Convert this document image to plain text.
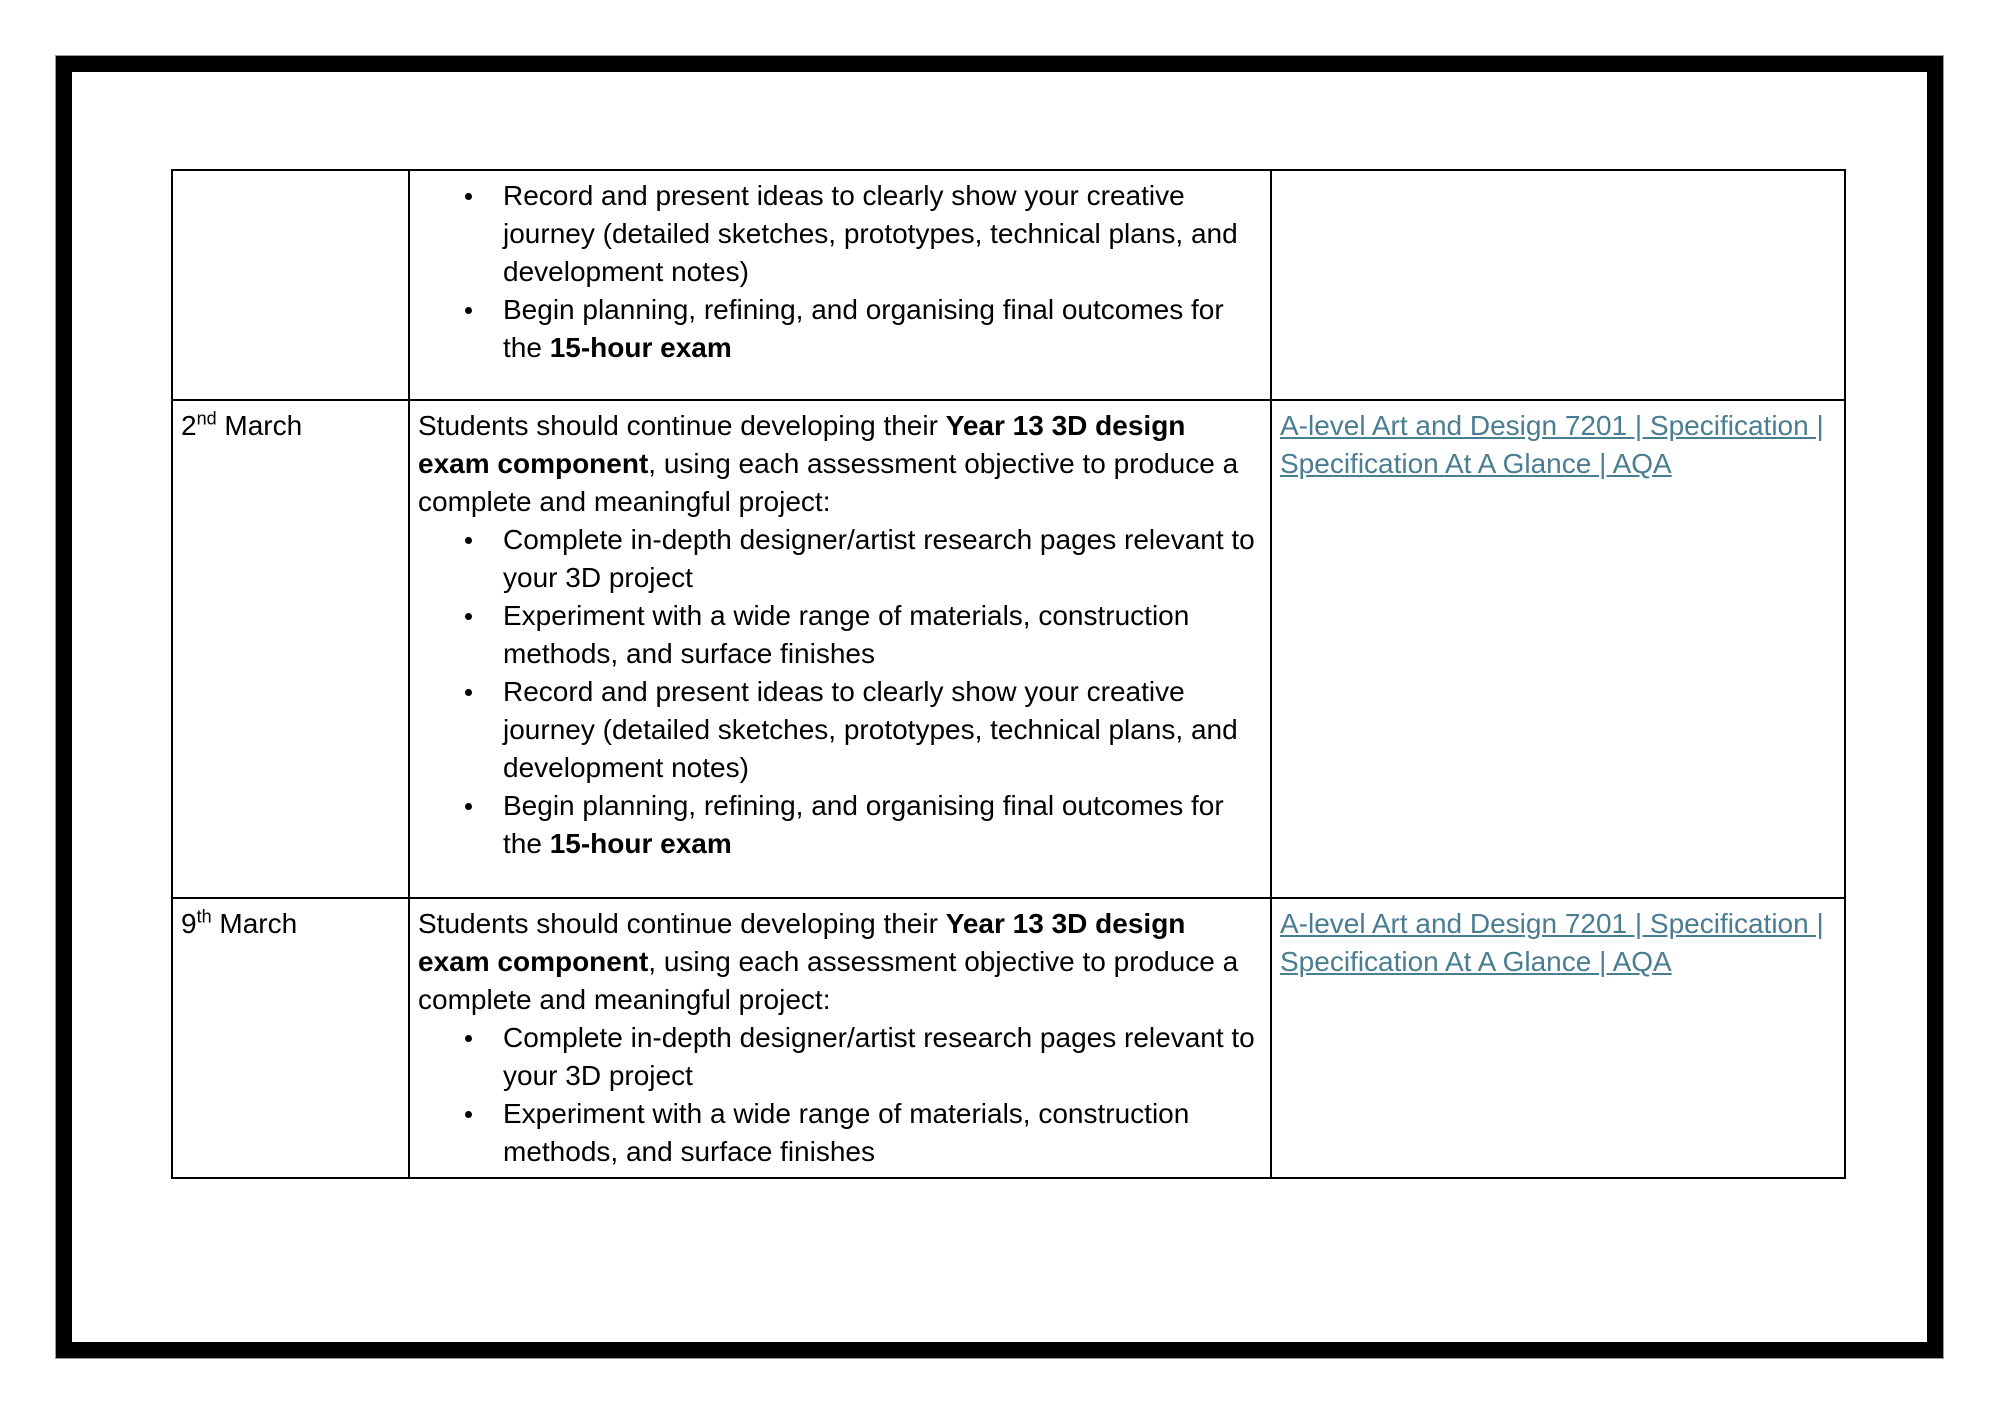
Record and present ideas to clearly show your creative journey (detailed sketches, prototypes, technical plans, and development notes)
Begin planning, refining, and organising final outcomes for the 15-hour exam

2nd March	Students should continue developing their Year 13 3D design exam component, using each assessment objective to produce a complete and meaningful project:

Complete in-depth designer/artist research pages relevant to your 3D project
Experiment with a wide range of materials, construction methods, and surface finishes
Record and present ideas to clearly show your creative journey (detailed sketches, prototypes, technical plans, and development notes)
Begin planning, refining, and organising final outcomes for the 15-hour exam
	A-level Art and Design 7201 | Specification | Specification At A Glance | AQA
9th March	Students should continue developing their Year 13 3D design exam component, using each assessment objective to produce a complete and meaningful project:

Complete in-depth designer/artist research pages relevant to your 3D project
Experiment with a wide range of materials, construction methods, and surface finishes
	A-level Art and Design 7201 | Specification | Specification At A Glance | AQA
